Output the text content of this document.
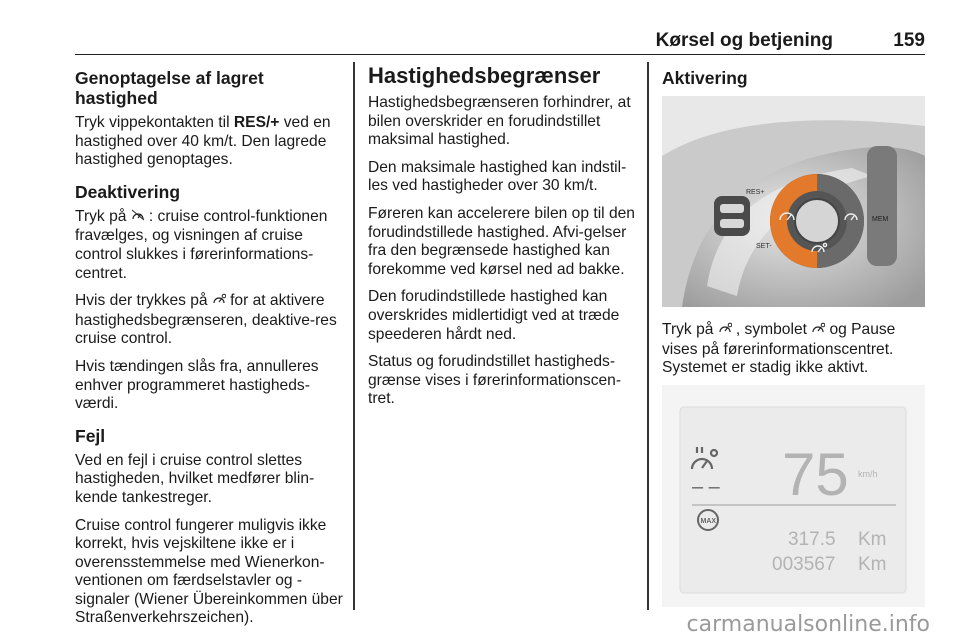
Kørsel og betjening	159
Genoptagelse af lagret hastighed

Tryk vippekontakten til RES/+ ved en hastighed over 40 km/t. Den lagrede hastighed genoptages.

Deaktivering

Tryk på  : cruise control-funktionen fravælges, og visningen af cruise control slukkes i førerinformations-centret.

Hvis der trykkes på  for at aktivere hastighedsbegrænseren, deaktive-res cruise control.

Hvis tændingen slås fra, annulleres enhver programmeret hastigheds-værdi.

Fejl

Ved en fejl i cruise control slettes hastigheden, hvilket medfører blin-kende tankestreger.

Cruise control fungerer muligvis ikke korrekt, hvis vejskiltene ikke er i overensstemmelse med Wienerkon-ventionen om færdselstavler og -signaler (Wiener Übereinkommen über Straßenverkehrszeichen).

Hastighedsbegrænser

Hastighedsbegrænseren forhindrer, at bilen overskrider en forudindstillet maksimal hastighed.

Den maksimale hastighed kan indstil-les ved hastigheder over 30 km/t.

Føreren kan accelerere bilen op til den forudindstillede hastighed. Afvi-gelser fra den begrænsede hastighed kan forekomme ved kørsel ned ad bakke.

Den forudindstillede hastighed kan overskrides midlertidigt ved at træde speederen hårdt ned.

Status og forudindstillet hastigheds-grænse vises i førerinformationscen-tret.

Aktivering
RES+
SET-
MEM
Tryk på  , symbolet  og Pause vises på førerinformationscentret. Systemet er stadig ikke aktivt.
– – 75 km/h
MAX
317.5 Km
003567 Km
carmanualsonline.info
